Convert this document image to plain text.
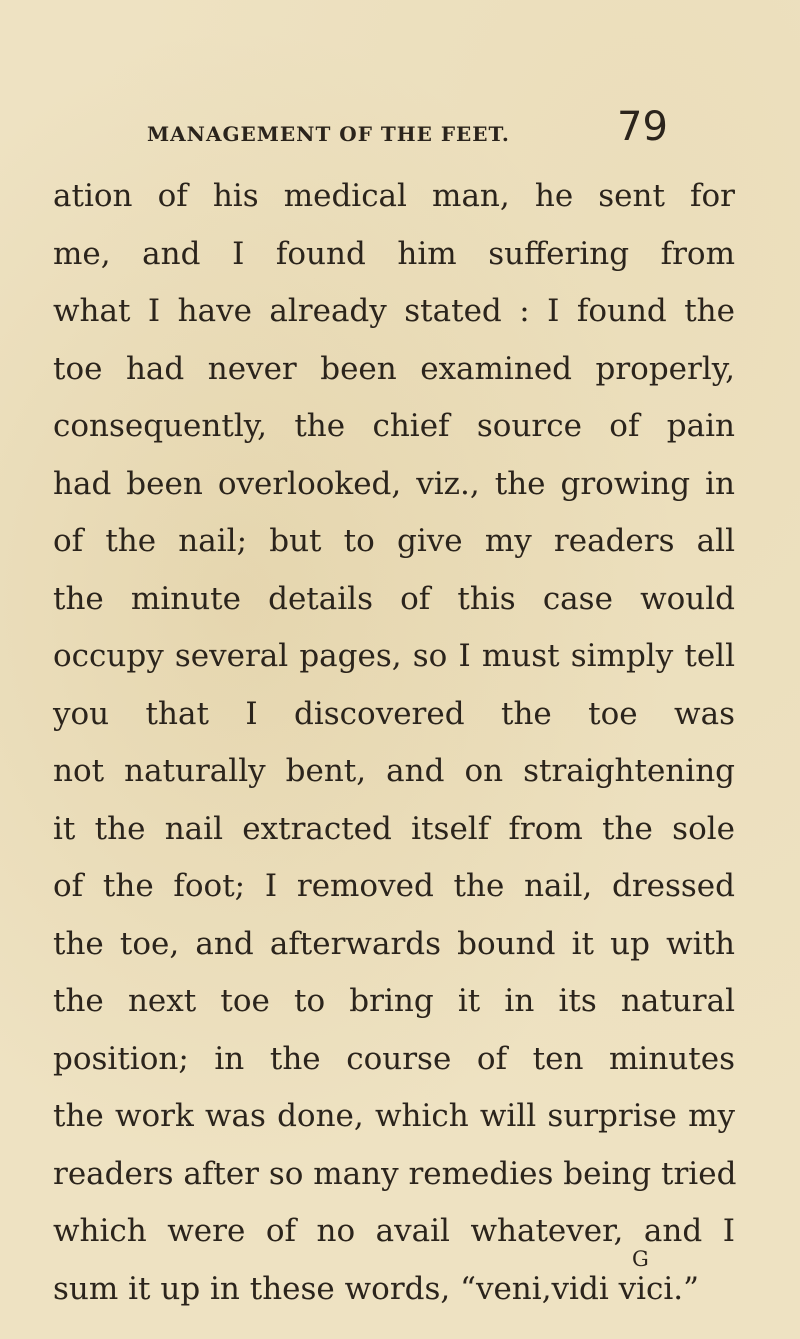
MANAGEMENT OF THE FEET.	79
ation of his medical man, he sent for
me, and I found him suffering from
what I have already stated : I found the
toe had never been examined properly,
consequently, the chief source of pain
had been overlooked, viz., the growing in
of the nail; but to give my readers all
the minute details of this case would
occupy several pages, so I must simply tell
you that I discovered the toe was
not naturally bent, and on straightening
it the nail extracted itself from the sole
of the foot; I removed the nail, dressed
the toe, and afterwards bound it up with
the next toe to bring it in its natural
position; in the course of ten minutes
the work was done, which will surprise my
readers after so many remedies being tried
which were of no avail whatever, and I
sum it up in these words, “veni,vidi vici.”
G
